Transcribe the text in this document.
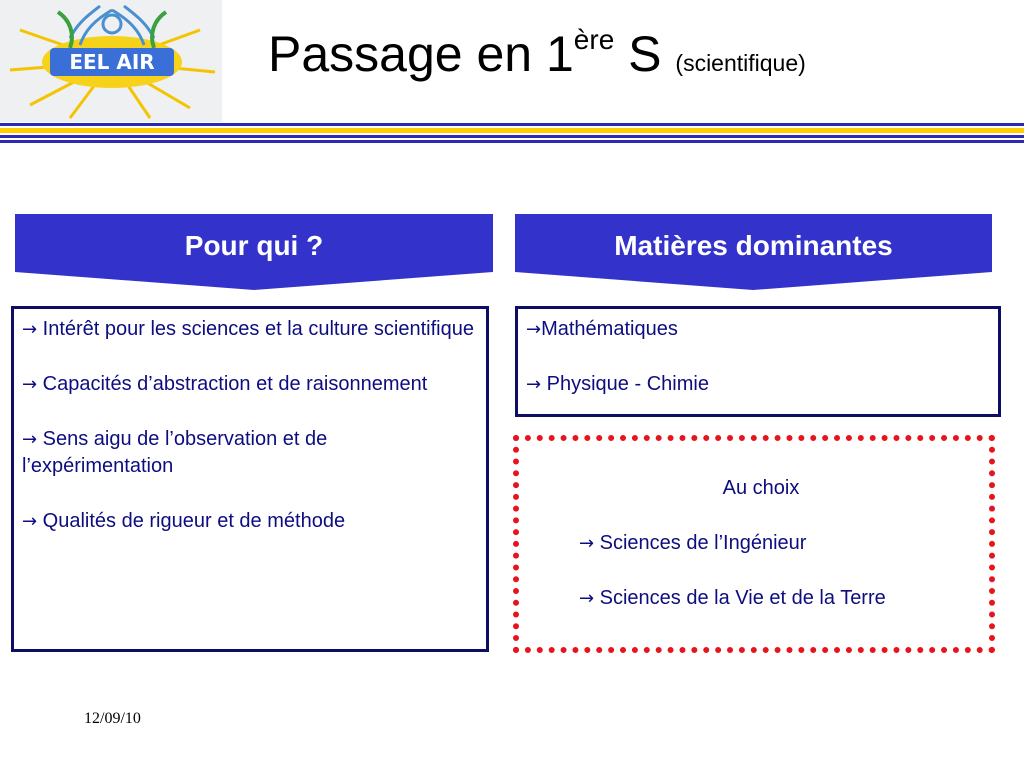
EEL AIR Passage en 1ère S (scientifique)
Pour qui ?	Matières dominantes
→ Intérêt pour les sciences et la culture scientifique
→ Capacités d’abstraction et de raisonnement
→ Sens aigu de l’observation et de l’expérimentation
→ Qualités de rigueur et de méthode
→Mathématiques
→ Physique - Chimie
Au choix
→ Sciences de l’Ingénieur
→ Sciences de la Vie et de la Terre
12/09/10
